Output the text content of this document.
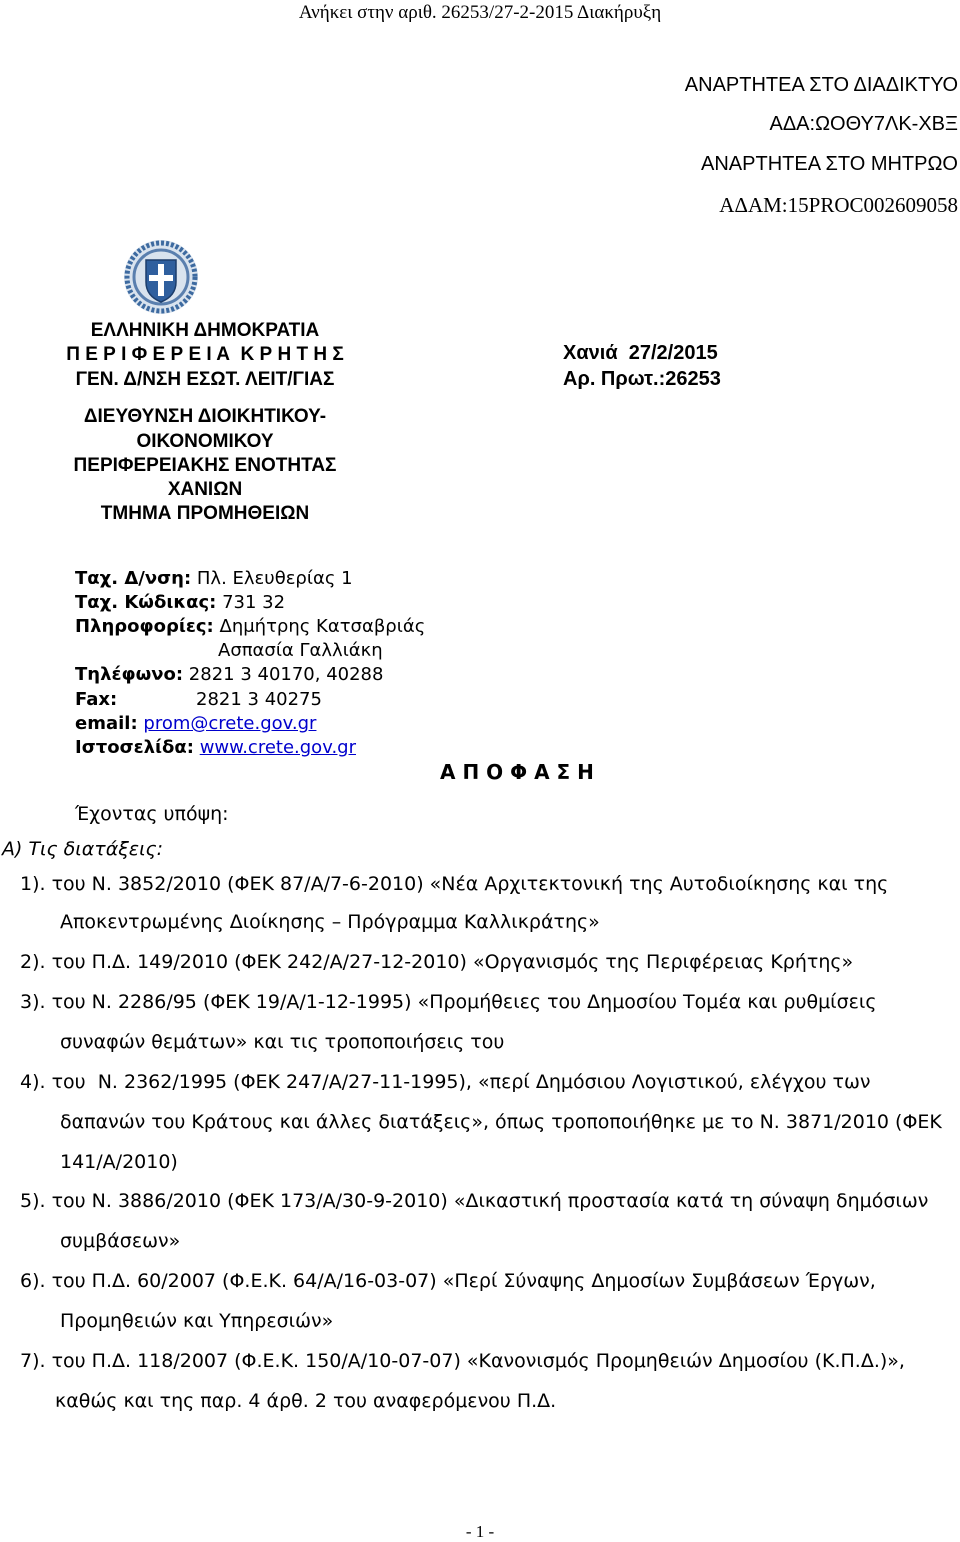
Ανήκει στην αριθ. 26253/27-2-2015 Διακήρυξη
ΑΝΑΡΤΗΤΕΑ ΣΤΟ ΔΙΑΔΙΚΤΥΟ
ΑΔΑ:ΩΟΘΥ7ΛΚ-ΧΒΞ
ΑΝΑΡΤΗΤΕΑ ΣΤΟ ΜΗΤΡΩΟ
ΑΔΑΜ:15PROC002609058
ΕΛΛΗΝΙΚΗ ΔΗΜΟΚΡΑΤΙΑ
Π Ε Ρ Ι Φ Ε Ρ Ε Ι Α  Κ Ρ Η Τ Η Σ
ΓΕΝ. Δ/ΝΣΗ ΕΣΩΤ. ΛΕΙΤ/ΓΙΑΣ
ΔΙΕΥΘΥΝΣΗ ΔΙΟΙΚΗΤΙΚΟΥ-
ΟΙΚΟΝΟΜΙΚΟΥ
ΠΕΡΙΦΕΡΕΙΑΚΗΣ ΕΝΟΤΗΤΑΣ
ΧΑΝΙΩΝ
ΤΜΗΜΑ ΠΡΟΜΗΘΕΙΩΝ
Χανιά  27/2/2015
Αρ. Πρωτ.:26253
Ταχ. Δ/νση: Πλ. Ελευθερίας 1
Ταχ. Κώδικας: 731 32
Πληροφορίες: Δημήτρης Κατσαβριάς
Ασπασία Γαλλιάκη
Τηλέφωνο: 2821 3 40170, 40288
Fax:	2821 3 40275
email: prom@crete.gov.gr
Ιστοσελίδα: www.crete.gov.gr
Α Π Ο Φ Α Σ Η
Έχοντας υπόψη:
Α) Τις διατάξεις:
1). του Ν. 3852/2010 (ΦΕΚ 87/Α/7-6-2010) «Νέα Αρχιτεκτονική της Αυτοδιοίκησης και της
Αποκεντρωμένης Διοίκησης – Πρόγραμμα Καλλικράτης»
2). του Π.Δ. 149/2010 (ΦΕΚ 242/Α/27-12-2010) «Οργανισμός της Περιφέρειας Κρήτης»
3). του Ν. 2286/95 (ΦΕΚ 19/Α/1-12-1995) «Προμήθειες του Δημοσίου Τομέα και ρυθμίσεις
συναφών θεμάτων» και τις τροποποιήσεις του
4). του  Ν. 2362/1995 (ΦΕΚ 247/Α/27-11-1995), «περί Δημόσιου Λογιστικού, ελέγχου των
δαπανών του Κράτους και άλλες διατάξεις», όπως τροποποιήθηκε με το Ν. 3871/2010 (ΦΕΚ
141/Α/2010)
5). του Ν. 3886/2010 (ΦΕΚ 173/Α/30-9-2010) «Δικαστική προστασία κατά τη σύναψη δημόσιων
συμβάσεων»
6). του Π.Δ. 60/2007 (Φ.Ε.Κ. 64/Α/16-03-07) «Περί Σύναψης Δημοσίων Συμβάσεων Έργων,
Προμηθειών και Υπηρεσιών»
7). του Π.Δ. 118/2007 (Φ.Ε.Κ. 150/Α/10-07-07) «Κανονισμός Προμηθειών Δημοσίου (Κ.Π.Δ.)»,
καθώς και της παρ. 4 άρθ. 2 του αναφερόμενου Π.Δ.
- 1 -
